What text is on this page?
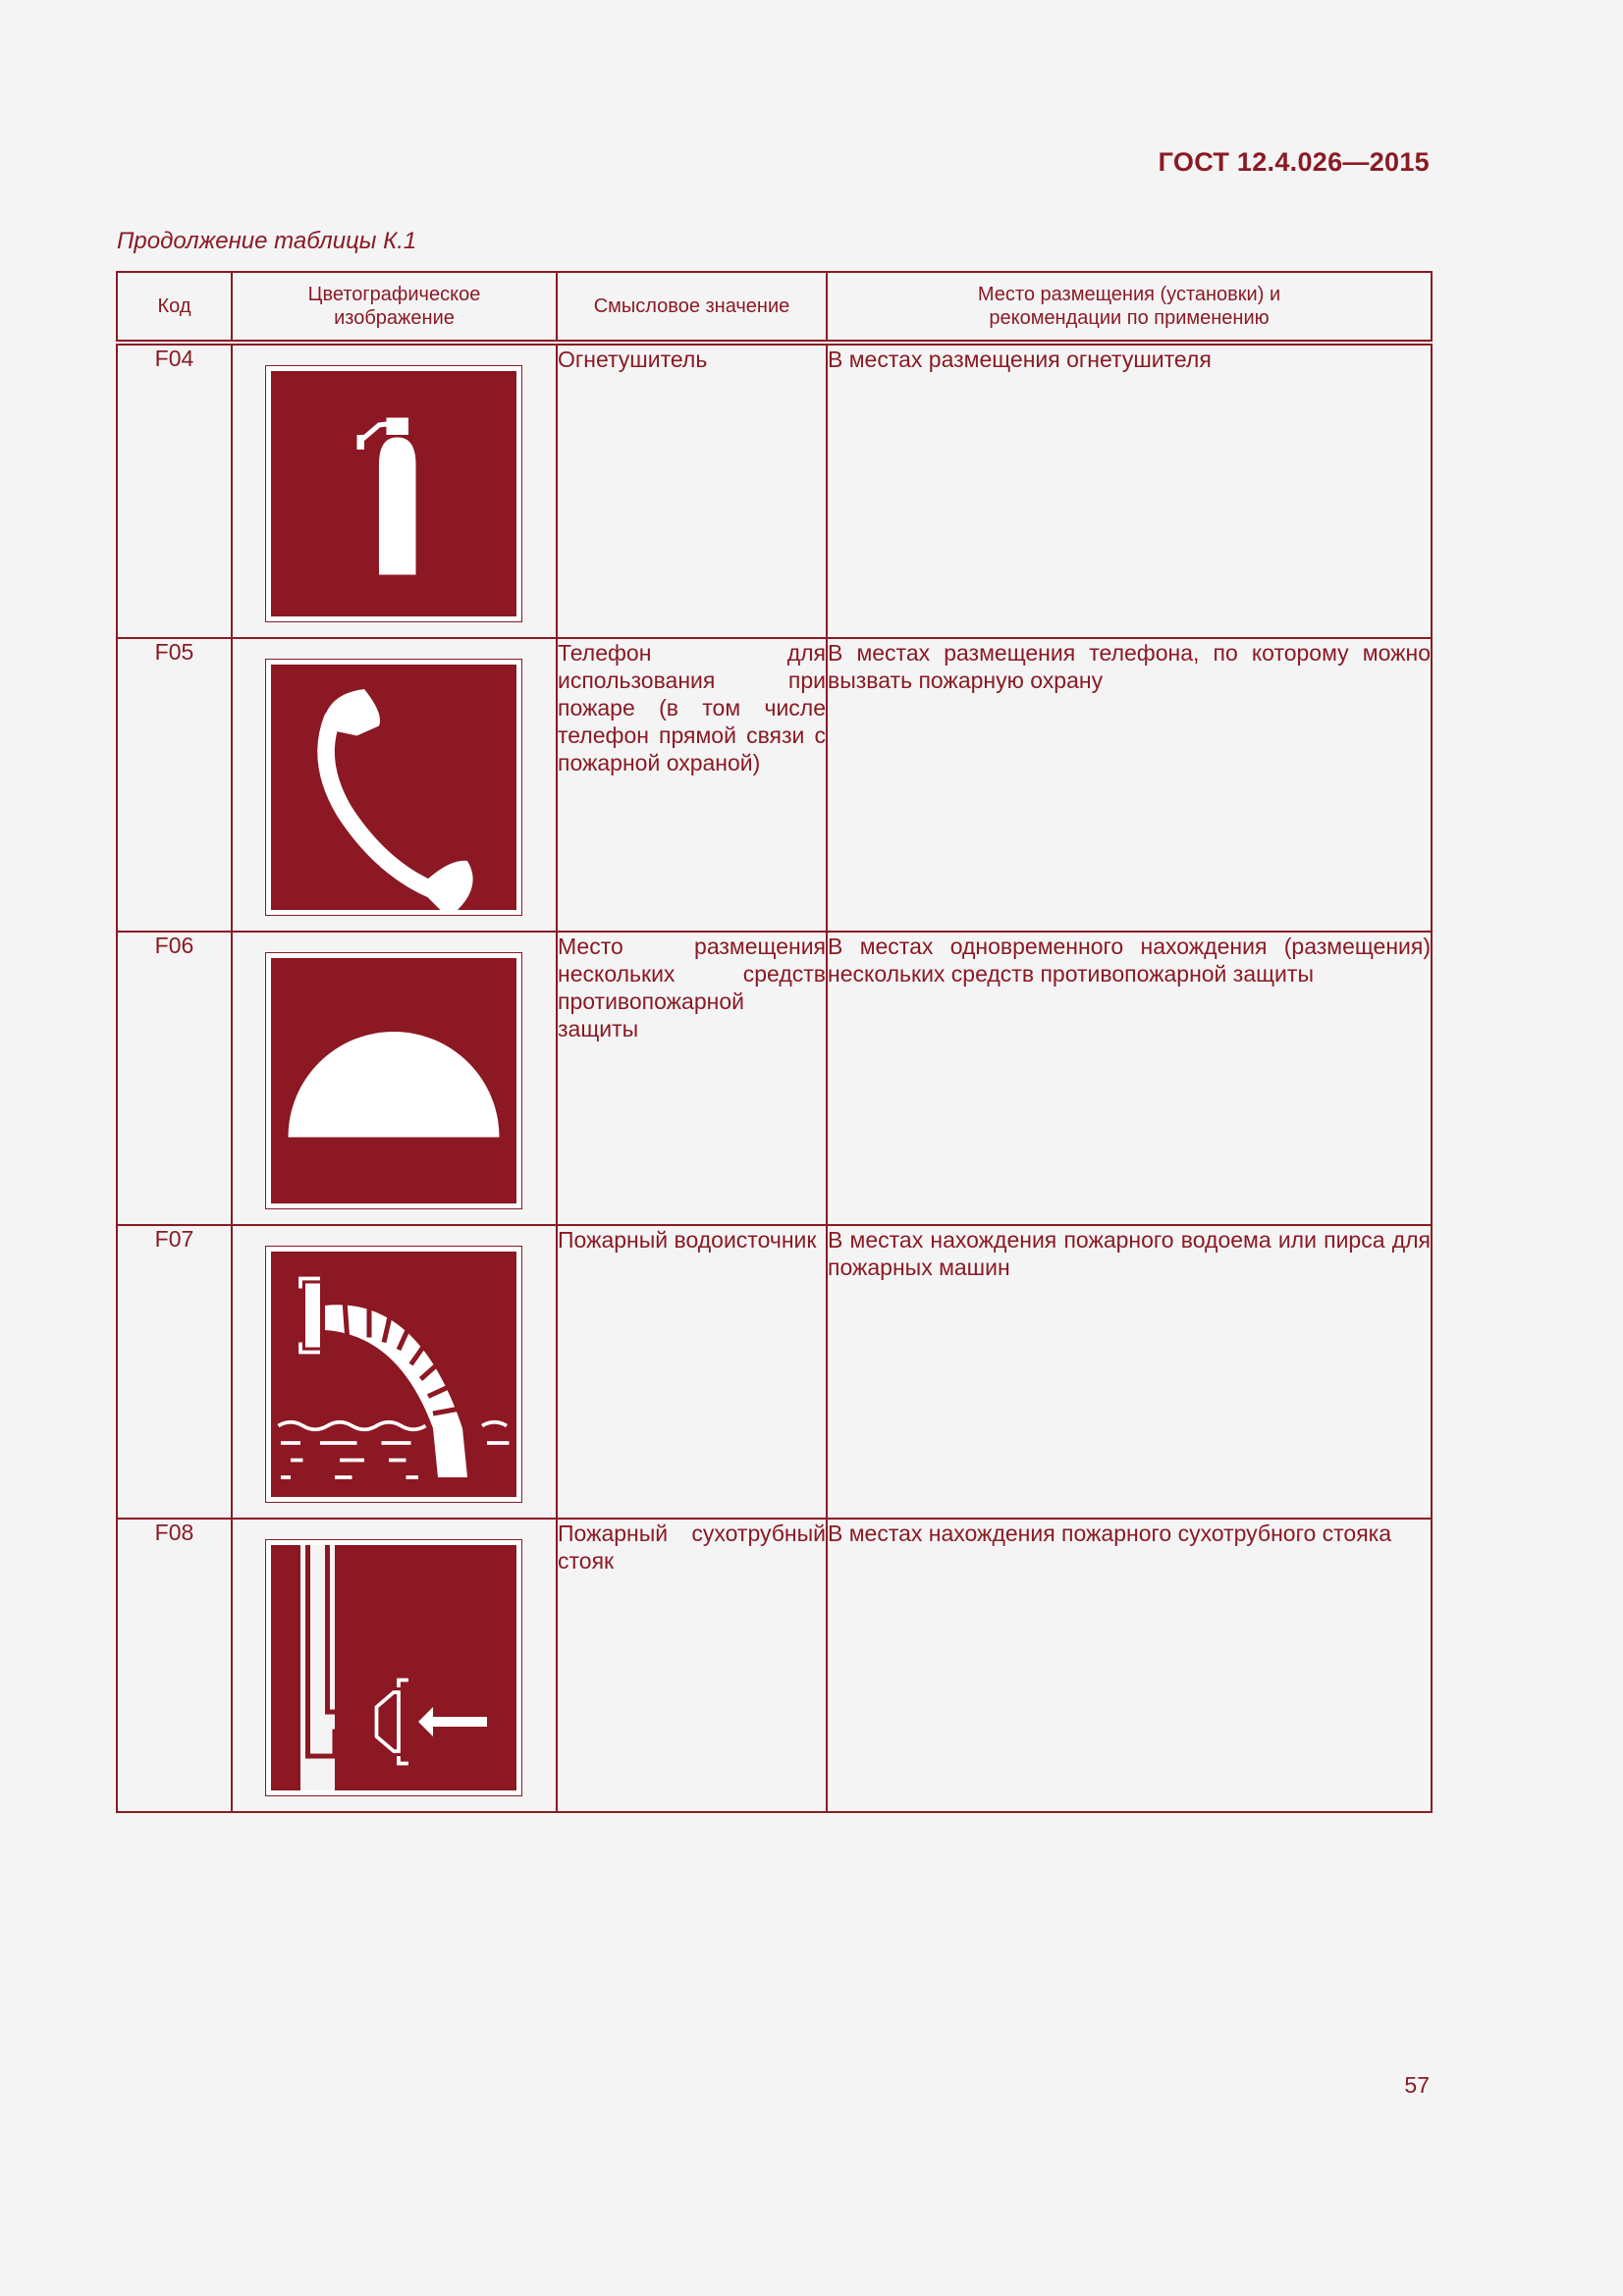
ГОСТ 12.4.026—2015
Продолжение таблицы К.1
Код	Цветографическое изображение	Смысловое значение	Место размещения (установки) и рекомендации по применению
F04		Огнетушитель	В местах размещения огнетушителя
F05		Телефон для использования при пожаре (в том числе телефон прямой связи с пожарной охраной)	В местах размещения телефона, по которому можно вызвать пожарную охрану
F06		Место размещения нескольких средств противопожарной защиты	В местах одновременного нахождения (размещения) нескольких средств противопожарной защиты
F07		Пожарный водоисточник	В местах нахождения пожарного водоема или пирса для пожарных машин
F08		Пожарный сухотрубный стояк	В местах нахождения пожарного сухотрубного стояка
57
